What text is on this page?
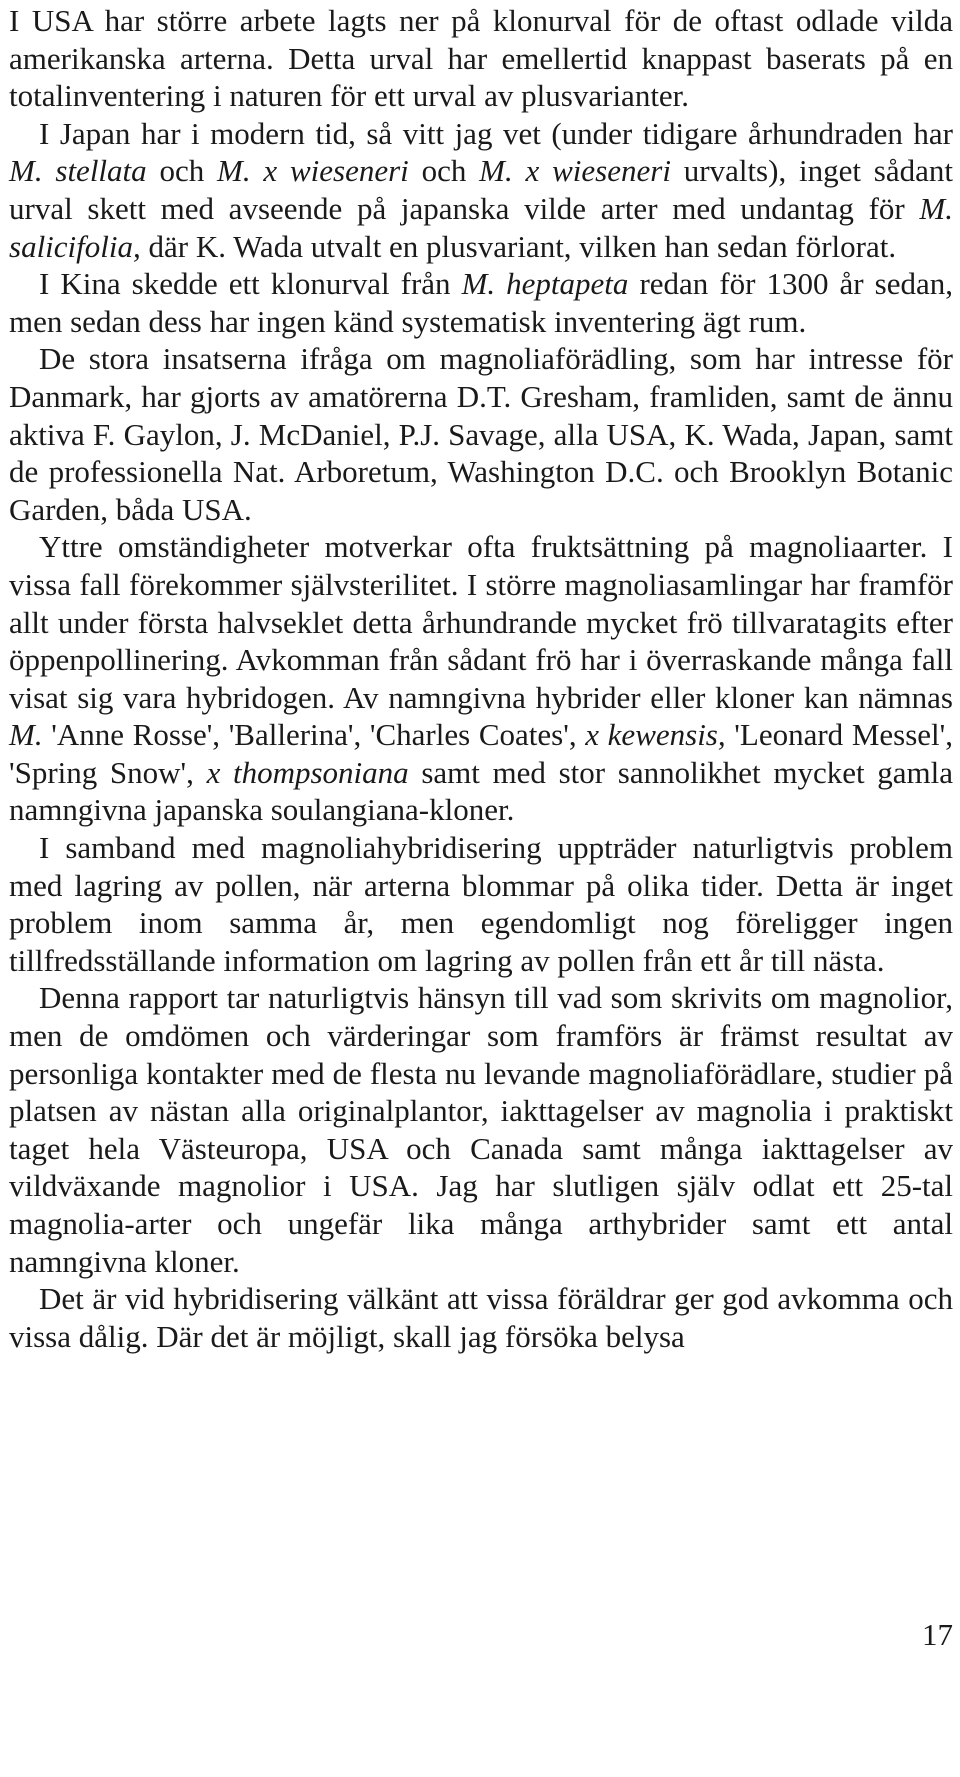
I USA har större arbete lagts ner på klonurval för de oftast odlade vilda amerikanska arterna. Detta urval har emellertid knappast baserats på en totalinventering i naturen för ett urval av plusvarianter.

I Japan har i modern tid, så vitt jag vet (under tidigare århundraden har M. stellata och M. x wieseneri och M. x wieseneri urvalts), inget sådant urval skett med avseende på japanska vilde arter med undantag för M. salicifolia, där K. Wada utvalt en plusvariant, vilken han sedan förlorat.

I Kina skedde ett klonurval från M. heptapeta redan för 1300 år sedan, men sedan dess har ingen känd systematisk inventering ägt rum.

De stora insatserna ifråga om magnoliaförädling, som har intresse för Danmark, har gjorts av amatörerna D.T. Gresham, framliden, samt de ännu aktiva F. Gaylon, J. McDaniel, P.J. Savage, alla USA, K. Wada, Japan, samt de professionella Nat. Arboretum, Washington D.C. och Brooklyn Botanic Garden, båda USA.

Yttre omständigheter motverkar ofta fruktsättning på magnoliaarter. I vissa fall förekommer självsterilitet. I större magnoliasamlingar har framför allt under första halvseklet detta århundrande mycket frö tillvaratagits efter öppenpollinering. Avkomman från sådant frö har i överraskande många fall visat sig vara hybridogen. Av namngivna hybrider eller kloner kan nämnas M. 'Anne Rosse', 'Ballerina', 'Charles Coates', x kewensis, 'Leonard Messel', 'Spring Snow', x thompsoniana samt med stor sannolikhet mycket gamla namngivna japanska soulangiana-kloner.

I samband med magnoliahybridisering uppträder naturligtvis problem med lagring av pollen, när arterna blommar på olika tider. Detta är inget problem inom samma år, men egendomligt nog föreligger ingen tillfredsställande information om lagring av pollen från ett år till nästa.

Denna rapport tar naturligtvis hänsyn till vad som skrivits om magnolior, men de omdömen och värderingar som framförs är främst resultat av personliga kontakter med de flesta nu levande magnoliaförädlare, studier på platsen av nästan alla originalplantor, iakttagelser av magnolia i praktiskt taget hela Västeuropa, USA och Canada samt många iakttagelser av vildväxande magnolior i USA. Jag har slutligen själv odlat ett 25-tal magnolia-arter och ungefär lika många arthybrider samt ett antal namngivna kloner.

Det är vid hybridisering välkänt att vissa föräldrar ger god avkomma och vissa dålig. Där det är möjligt, skall jag försöka belysa

17
